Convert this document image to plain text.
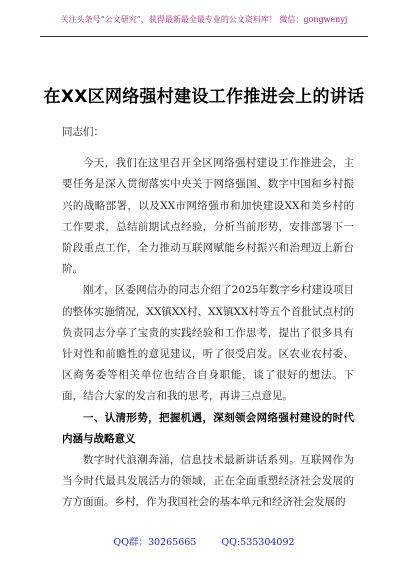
关注头条号“公文研究”，获得最新最全最专业的公文资料库！ 微信：gongwenyj
在XX区网络强村建设工作推进会上的讲话

同志们：

今天，我们在这里召开全区网络强村建设工作推进会，主要任务是深入贯彻落实中央关于网络强国、数字中国和乡村振兴的战略部署，以及XX市网络强市和加快建设XX和美乡村的工作要求，总结前期试点经验，分析当前形势，安排部署下一阶段重点工作，全力推动互联网赋能乡村振兴和治理迈上新台阶。

刚才，区委网信办的同志介绍了2025年数字乡村建设项目的整体实施情况，XX镇XX村、XX镇XX村等五个首批试点村的负责同志分享了宝贵的实践经验和工作思考，提出了很多具有针对性和前瞻性的意见建议，听了很受启发。区农业农村委、区商务委等相关单位也结合自身职能，谈了很好的想法。下面，结合大家的发言和我的思考，再讲三点意见。

一、认清形势，把握机遇，深刻领会网络强村建设的时代内涵与战略意义

数字时代浪潮奔涌，信息技术最新讲话系列。互联网作为当今时代最具发展活力的领域，正在全面重塑经济社会发展的方方面面。乡村，作为我国社会的基本单元和经济社会发展的

QQ群：30265665	QQ:535304092
